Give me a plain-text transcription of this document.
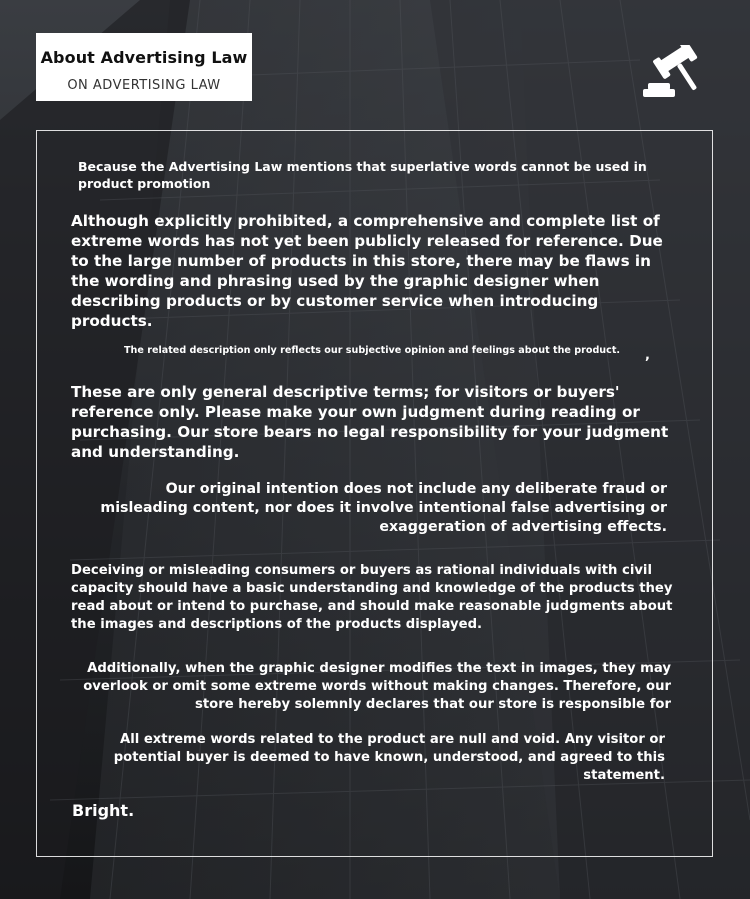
About Advertising Law
ON ADVERTISING LAW
Because the Advertising Law mentions that superlative words cannot be used in product promotion
Although explicitly prohibited, a comprehensive and complete list of extreme words has not yet been publicly released for reference. Due to the large number of products in this store, there may be flaws in the wording and phrasing used by the graphic designer when describing products or by customer service when introducing products.
The related description only reflects our subjective opinion and feelings about the product.	,
These are only general descriptive terms; for visitors or buyers' reference only. Please make your own judgment during reading or purchasing. Our store bears no legal responsibility for your judgment and understanding.
Our original intention does not include any deliberate fraud or misleading content, nor does it involve intentional false advertising or exaggeration of advertising effects.
Deceiving or misleading consumers or buyers as rational individuals with civil capacity should have a basic understanding and knowledge of the products they read about or intend to purchase, and should make reasonable judgments about the images and descriptions of the products displayed.
Additionally, when the graphic designer modifies the text in images, they may overlook or omit some extreme words without making changes. Therefore, our store hereby solemnly declares that our store is responsible for
All extreme words related to the product are null and void. Any visitor or potential buyer is deemed to have known, understood, and agreed to this statement.
Bright.
